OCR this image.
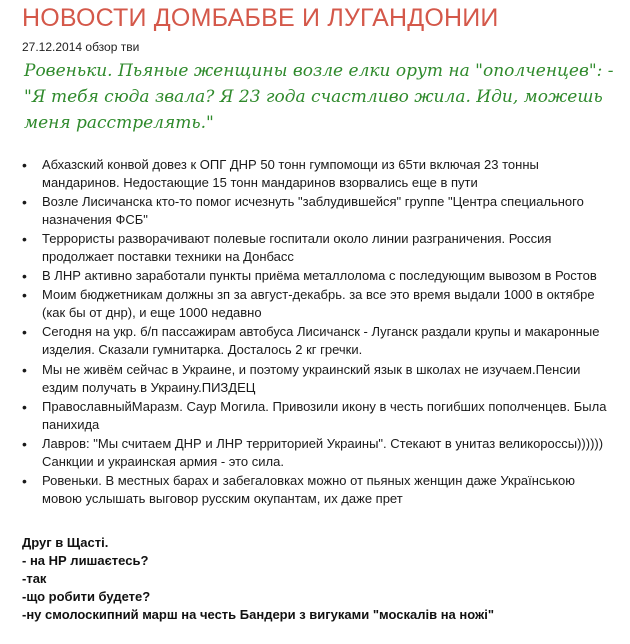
НОВОСТИ ДОМБАБВЕ И ЛУГАНДОНИИ
27.12.2014 обзор тви

Ровеньки. Пьяные женщины возле елки орут на "ополченцев": - "Я тебя сюда звала? Я 23 года счастливо жила. Иди, можешь меня расстрелять."

• Абхазский конвой довез к ОПГ ДНР 50 тонн гумпомощи из 65ти включая 23 тонны мандаринов. Недостающие 15 тонн мандаринов взорвались еще в пути
• Возле Лисичанска кто-то помог исчезнуть "заблудившейся" группе "Центра специального назначения ФСБ"
• Террористы разворачивают полевые госпитали около линии разграничения. Россия продолжает поставки техники на Донбасс
• В ЛНР активно заработали пункты приёма металлолома с последующим вывозом в Ростов
• Моим бюджетникам должны зп за август-декабрь. за все это время выдали 1000 в октябре (как бы от днр), и еще 1000 недавно
• Сегодня на укр. б/п пассажирам автобуса Лисичанск - Луганск раздали крупы и макаронные изделия. Сказали гумнитарка. Досталось 2 кг гречки.
• Мы не живём сейчас в Украине, и поэтому украинский язык в школах не изучаем.Пенсии ездим получать в Украину.ПИЗДЕЦ
• ПравославныйМаразм. Саур Могила. Привозили икону в честь погибших пополченцев. Была панихида
• Лавров: "Мы считаем ДНР и ЛНР территорией Украины". Стекают в унитаз великороссы)))))) Санкции и украинская армия - это сила.
• Ровеньки. В местных барах и забегаловках можно от пьяных женщин даже Українською мовою услышать выговор русским окупантам, их даже прет
Друг в Щасті.
- на НР лишаєтесь?
-так
-що робити будете?
-ну смолоскипний марш на честь Бандери з вигуками "москалів на ножі"
